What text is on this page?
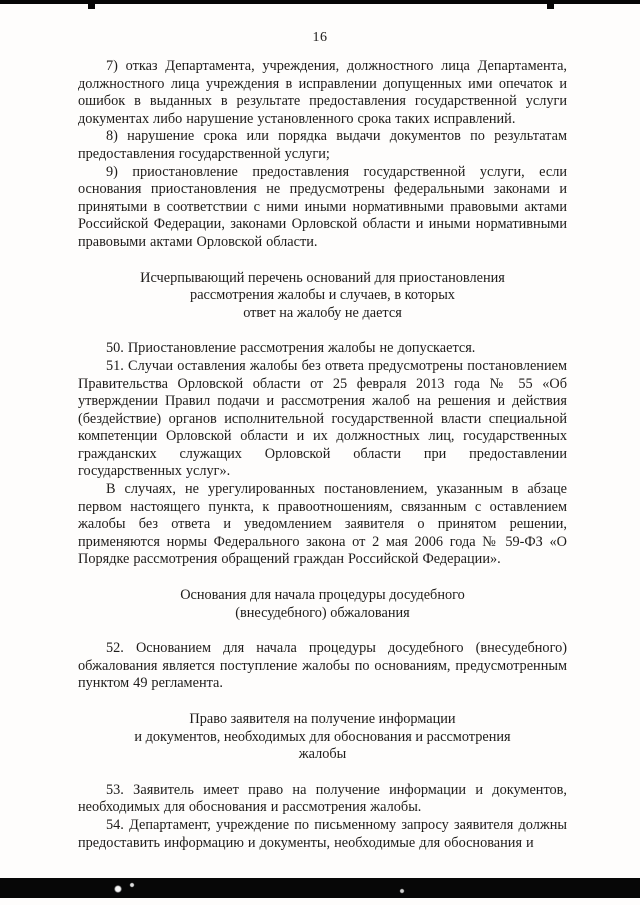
16

7) отказ Департамента, учреждения, должностного лица Департамента, должностного лица учреждения в исправлении допущенных ими опечаток и ошибок в выданных в результате предоставления государственной услуги документах либо нарушение установленного срока таких исправлений.

8) нарушение срока или порядка выдачи документов по результатам предоставления государственной услуги;

9) приостановление предоставления государственной услуги, если основания приостановления не предусмотрены федеральными законами и принятыми в соответствии с ними иными нормативными правовыми актами Российской Федерации, законами Орловской области и иными нормативными правовыми актами Орловской области.

Исчерпывающий перечень оснований для приостановления
рассмотрения жалобы и случаев, в которых
ответ на жалобу не дается

50. Приостановление рассмотрения жалобы не допускается.

51. Случаи оставления жалобы без ответа предусмотрены постановлением Правительства Орловской области от 25 февраля 2013 года № 55 «Об утверждении Правил подачи и рассмотрения жалоб на решения и действия (бездействие) органов исполнительной государственной власти специальной компетенции Орловской области и их должностных лиц, государственных гражданских служащих Орловской области при предоставлении государственных услуг».

В случаях, не урегулированных постановлением, указанным в абзаце первом настоящего пункта, к правоотношениям, связанным с оставлением жалобы без ответа и уведомлением заявителя о принятом решении, применяются нормы Федерального закона от 2 мая 2006 года № 59-ФЗ «О Порядке рассмотрения обращений граждан Российской Федерации».

Основания для начала процедуры досудебного
(внесудебного) обжалования

52. Основанием для начала процедуры досудебного (внесудебного) обжалования является поступление жалобы по основаниям, предусмотренным пунктом 49 регламента.

Право заявителя на получение информации
и документов, необходимых для обоснования и рассмотрения
жалобы

53. Заявитель имеет право на получение информации и документов, необходимых для обоснования и рассмотрения жалобы.

54. Департамент, учреждение по письменному запросу заявителя должны предоставить информацию и документы, необходимые для обоснования и
